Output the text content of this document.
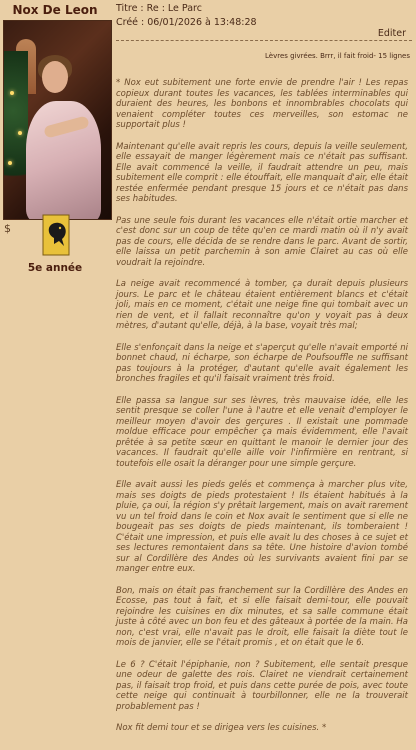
Nox De Leon
$
5e année
Titre : Re : Le Parc
Créé : 06/01/2026 à 13:48:28
Editer
Lèvres givrées. Brrr, il fait froid- 15 lignes

* Nox eut subitement une forte envie de prendre l'air ! Les repas copieux durant toutes les vacances, les tablées interminables qui duraient des heures, les bonbons et innombrables chocolats qui venaient compléter toutes ces merveilles, son estomac ne supportait plus !

Maintenant qu'elle avait repris les cours, depuis la veille seulement, elle essayait de manger légèrement mais ce n'était pas suffisant. Elle avait commencé la veille, il faudrait attendre un peu, mais subitement elle comprit : elle étouffait, elle manquait d'air, elle était restée enfermée pendant presque 15 jours et ce n'était pas dans ses habitudes.

Pas une seule fois durant les vacances elle n'était ortie marcher et c'est donc sur un coup de tête qu'en ce mardi matin où il n'y avait pas de cours, elle décida de se rendre dans le parc. Avant de sortir, elle laissa un petit parchemin à son amie Clairet au cas où elle voudrait la rejoindre.

La neige avait recommencé à tomber, ça durait depuis plusieurs jours. Le parc et le château étaient entièrement blancs et c'était joli, mais en ce moment, c'était une neige fine qui tombait avec un rien de vent, et il fallait reconnaître qu'on y voyait pas à deux mètres, d'autant qu'elle, déjà, à la base, voyait très mal;

Elle s'enfonçait dans la neige et s'aperçut qu'elle n'avait emporté ni bonnet chaud, ni écharpe, son écharpe de Poufsouffle ne suffisant pas toujours à la protéger, d'autant qu'elle avait également les bronches fragiles et qu'il faisait vraiment très froid.

Elle passa sa langue sur ses lèvres, très mauvaise idée, elle les sentit presque se coller l'une à l'autre et elle venait d'employer le meilleur moyen d'avoir des gerçures . Il existait une pommade moldue efficace pour empêcher ça mais évidemment, elle l'avait prêtée à sa petite sœur en quittant le manoir le dernier jour des vacances. Il faudrait qu'elle aille voir l'infirmière en rentrant, si toutefois elle osait la déranger pour une simple gerçure.

Elle avait aussi les pieds gelés et commença à marcher plus vite, mais ses doigts de pieds protestaient ! Ils étaient habitués à la pluie, ça oui, la région s'y prêtait largement, mais on avait rarement vu un tel froid dans le coin et Nox avait le sentiment que si elle ne bougeait pas ses doigts de pieds maintenant, ils tomberaient ! C'était une impression, et puis elle avait lu des choses à ce sujet et ses lectures remontaient dans sa tête. Une histoire d'avion tombé sur al Cordillère des Andes où les survivants avaient fini par se manger entre eux.

Bon, mais on était pas franchement sur la Cordillère des Andes en Ecosse, pas tout à fait, et si elle faisait demi-tour, elle pouvait rejoindre les cuisines en dix minutes, et sa salle commune était juste à côté avec un bon feu et des gâteaux à portée de la main. Ha non, c'est vrai, elle n'avait pas le droit, elle faisait la diète tout le mois de janvier, elle se l'était promis , et on était que le 6.

Le 6 ? C'était l'épiphanie, non ? Subitement, elle sentait presque une odeur de galette des rois. Clairet ne viendrait certainement pas, il faisait trop froid, et puis dans cette purée de pois, avec toute cette neige qui continuait à tourbillonner, elle ne la trouverait probablement pas !

Nox fit demi tour et se dirigea vers les cuisines. *
